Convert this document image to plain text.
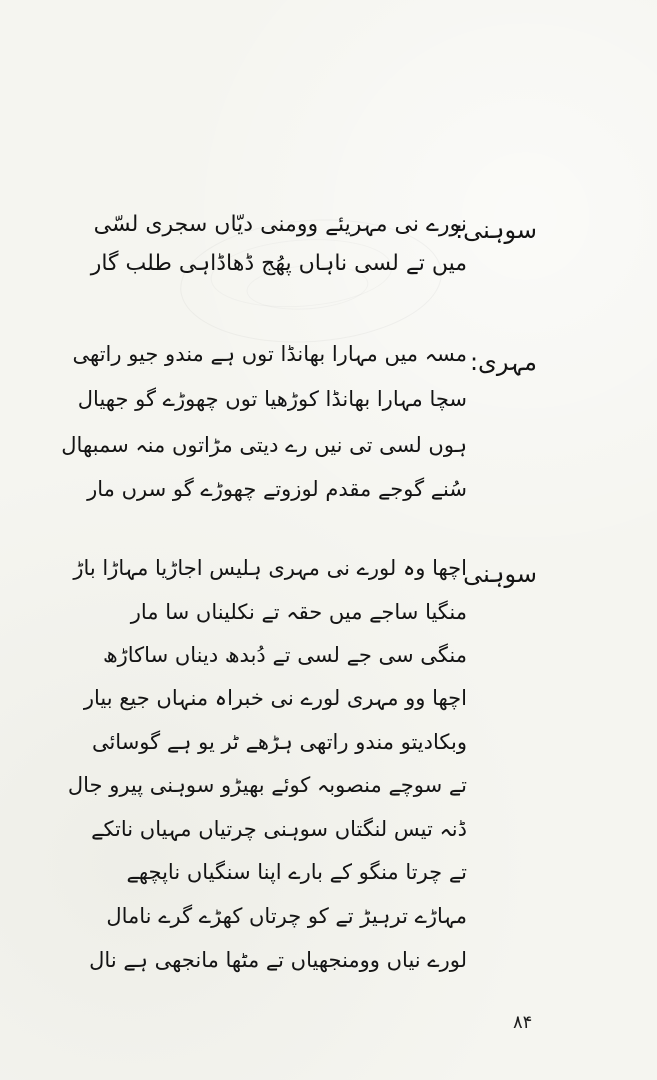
سوہنی:
نورے نی مہریئے وومنی دیّاں سجری لسّی
میں تے لسی ناہاں پھُج ڈھاڈاہی طلب گار
مہری:
مسہ میں مہارا بھانڈا توں ہے مندو جیو راتھی
سچا مہارا بھانڈا کوڑھیا توں چھوڑے گو جھیال
ہوں لسی تی نیں رے دیتی مڑاتوں منہ سمبھال
سُنے گوجے مقدم لوزوتے چھوڑے گو سرں مار
سوہنی
اچھا وہ لورے نی مہری ہلیس اجاڑیا مہاڑا باڑ
منگیا ساجے میں حقہ تے نکلیناں سا مار
منگی سی جے لسی تے دُبدھ دیناں ساکاڑھ
اچھا وو مہری لورے نی خبراہ منہاں جیع بیار
وبکادیتو مندو راتھی ہڑھے ٹر یو ہے گوسائی
تے سوچے منصوبہ کوئے بھیڑو سوہنی پیرو جال
ڈنہ تیس لنگتاں سوہنی چرتیاں مہیاں ناتکے
تے چرتا منگو کے بارے اپنا سنگیاں ناپچھے
مہاڑے ترہیڑ تے کو چرتاں کھڑے گرے نامال
لورے نیاں وومنجھیاں تے مٹھا مانجھی ہے نال
۸۴
